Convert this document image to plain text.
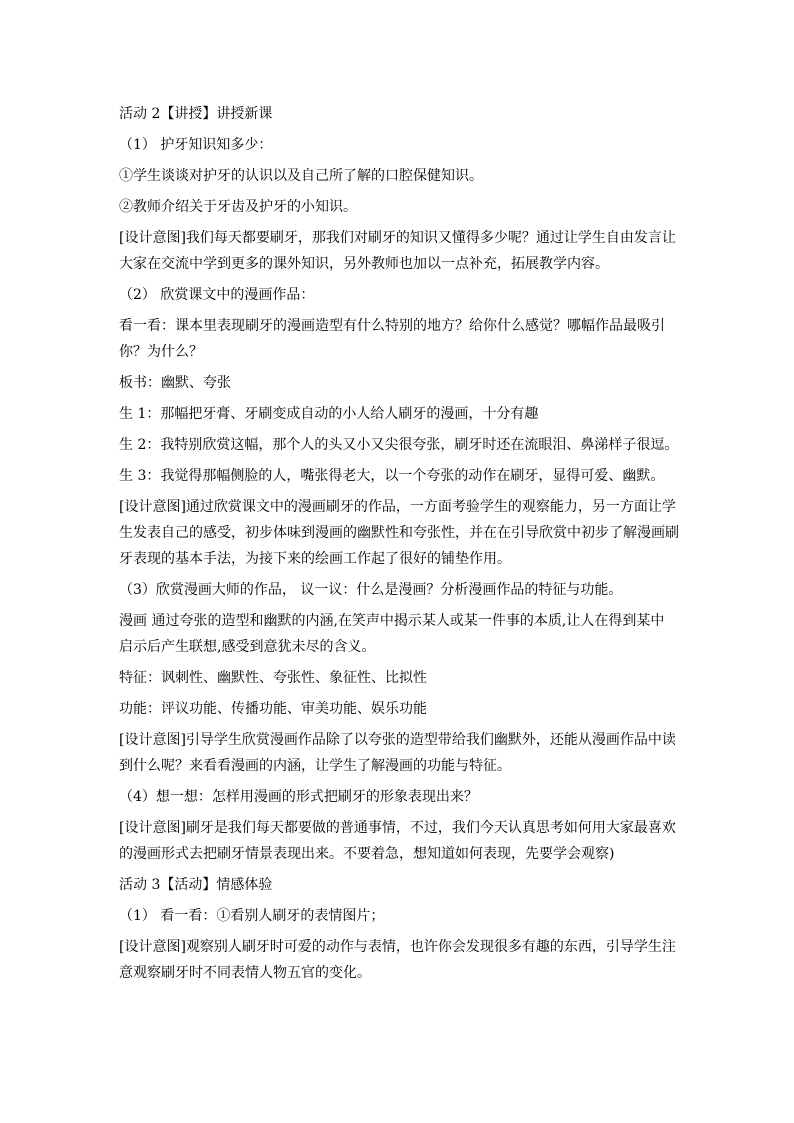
活动 2【讲授】讲授新课

（1） 护牙知识知多少：

①学生谈谈对护牙的认识以及自己所了解的口腔保健知识。

②教师介绍关于牙齿及护牙的小知识。

[设计意图]我们每天都要刷牙，那我们对刷牙的知识又懂得多少呢？通过让学生自由发言让

大家在交流中学到更多的课外知识，另外教师也加以一点补充，拓展教学内容。

（2） 欣赏课文中的漫画作品：

看一看：课本里表现刷牙的漫画造型有什么特别的地方？给你什么感觉？哪幅作品最吸引

你？为什么？

板书：幽默、夸张

生 1：那幅把牙膏、牙刷变成自动的小人给人刷牙的漫画，十分有趣

生 2：我特别欣赏这幅，那个人的头又小又尖很夸张，刷牙时还在流眼泪、鼻涕样子很逗。

生 3：我觉得那幅侧脸的人，嘴张得老大，以一个夸张的动作在刷牙，显得可爱、幽默。

[设计意图]通过欣赏课文中的漫画刷牙的作品，一方面考验学生的观察能力，另一方面让学

生发表自己的感受，初步体味到漫画的幽默性和夸张性，并在在引导欣赏中初步了解漫画刷

牙表现的基本手法，为接下来的绘画工作起了很好的铺垫作用。

（3）欣赏漫画大师的作品， 议一议：什么是漫画？分析漫画作品的特征与功能。

漫画 通过夸张的造型和幽默的内涵,在笑声中揭示某人或某一件事的本质,让人在得到某中

启示后产生联想,感受到意犹未尽的含义。

特征：讽刺性、幽默性、夸张性、象征性、比拟性

功能：评议功能、传播功能、审美功能、娱乐功能

[设计意图]引导学生欣赏漫画作品除了以夸张的造型带给我们幽默外，还能从漫画作品中读

到什么呢？来看看漫画的内涵，让学生了解漫画的功能与特征。

（4）想一想：怎样用漫画的形式把刷牙的形象表现出来？

[设计意图]刷牙是我们每天都要做的普通事情，不过，我们今天认真思考如何用大家最喜欢

的漫画形式去把刷牙情景表现出来。不要着急，想知道如何表现，先要学会观察)

活动 3【活动】情感体验

（1） 看一看：①看别人刷牙的表情图片；

[设计意图]观察别人刷牙时可爱的动作与表情，也许你会发现很多有趣的东西，引导学生注

意观察刷牙时不同表情人物五官的变化。
